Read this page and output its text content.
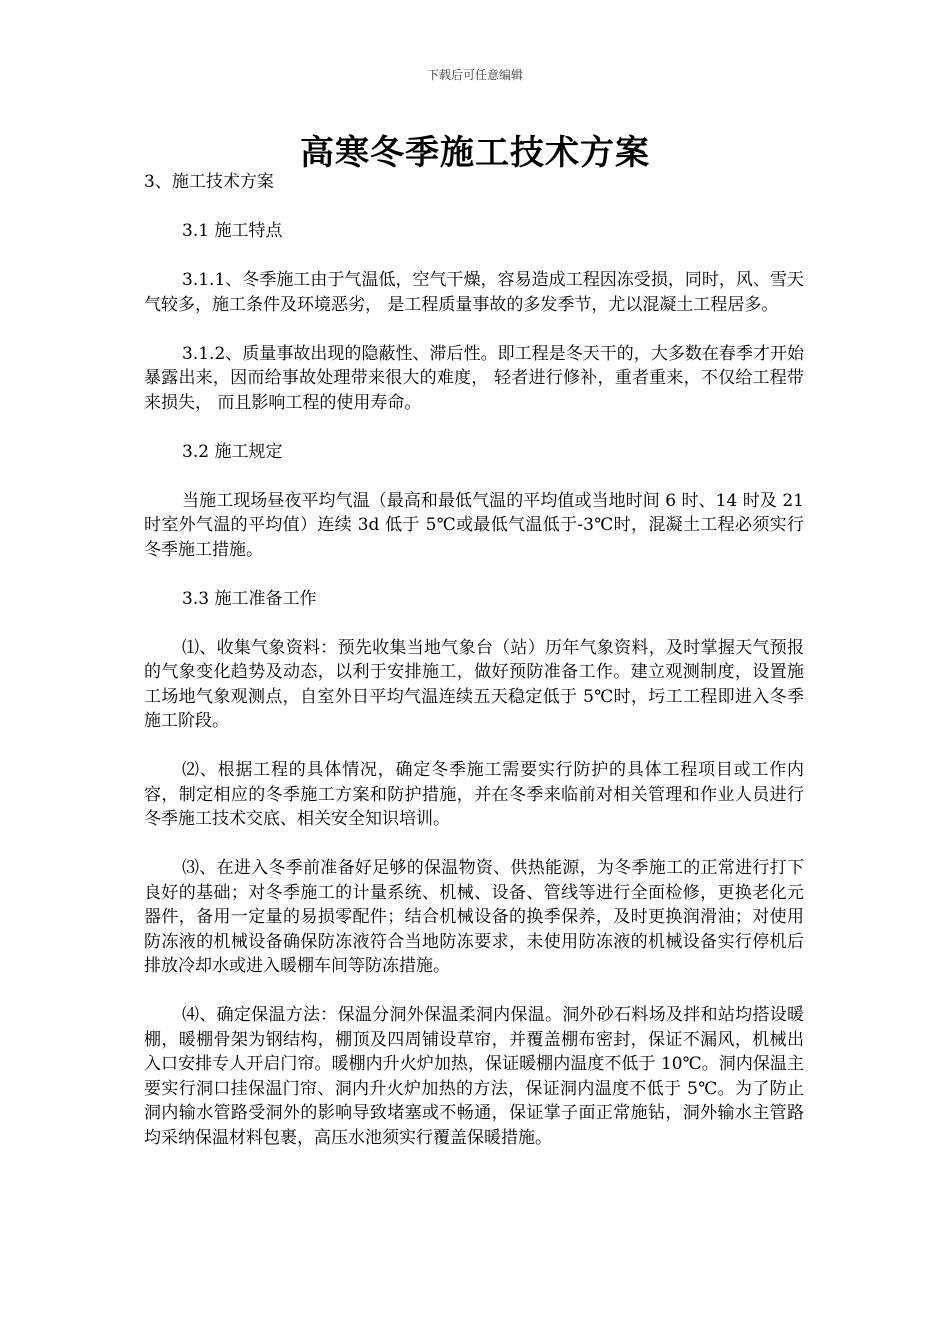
下载后可任意编辑
高寒冬季施工技术方案

3、施工技术方案

3.1 施工特点

3.1.1、冬季施工由于气温低，空气干燥，容易造成工程因冻受损，同时，风、雪天气较多，施工条件及环境恶劣， 是工程质量事故的多发季节，尤以混凝土工程居多。

3.1.2、质量事故出现的隐蔽性、滞后性。即工程是冬天干的，大多数在春季才开始暴露出来，因而给事故处理带来很大的难度， 轻者进行修补，重者重来，不仅给工程带来损失， 而且影响工程的使用寿命。

3.2 施工规定

当施工现场昼夜平均气温（最高和最低气温的平均值或当地时间 6 时、14 时及 21 时室外气温的平均值）连续 3d 低于 5℃或最低气温低于-3℃时，混凝土工程必须实行冬季施工措施。

3.3 施工准备工作

⑴、收集气象资料：预先收集当地气象台（站）历年气象资料，及时掌握天气预报的气象变化趋势及动态，以利于安排施工，做好预防准备工作。建立观测制度，设置施工场地气象观测点，自室外日平均气温连续五天稳定低于 5℃时，圬工工程即进入冬季施工阶段。

⑵、根据工程的具体情况，确定冬季施工需要实行防护的具体工程项目或工作内容，制定相应的冬季施工方案和防护措施，并在冬季来临前对相关管理和作业人员进行冬季施工技术交底、相关安全知识培训。

⑶、在进入冬季前准备好足够的保温物资、供热能源，为冬季施工的正常进行打下良好的基础；对冬季施工的计量系统、机械、设备、管线等进行全面检修，更换老化元器件，备用一定量的易损零配件；结合机械设备的换季保养，及时更换润滑油；对使用防冻液的机械设备确保防冻液符合当地防冻要求，未使用防冻液的机械设备实行停机后排放冷却水或进入暖棚车间等防冻措施。

⑷、确定保温方法：保温分洞外保温柔洞内保温。洞外砂石料场及拌和站均搭设暖棚，暖棚骨架为钢结构，棚顶及四周铺设草帘，并覆盖棚布密封，保证不漏风，机械出入口安排专人开启门帘。暖棚内升火炉加热，保证暖棚内温度不低于 10℃。洞内保温主要实行洞口挂保温门帘、洞内升火炉加热的方法，保证洞内温度不低于 5℃。为了防止洞内输水管路受洞外的影响导致堵塞或不畅通，保证掌子面正常施钻，洞外输水主管路均采纳保温材料包裹，高压水池须实行覆盖保暖措施。
